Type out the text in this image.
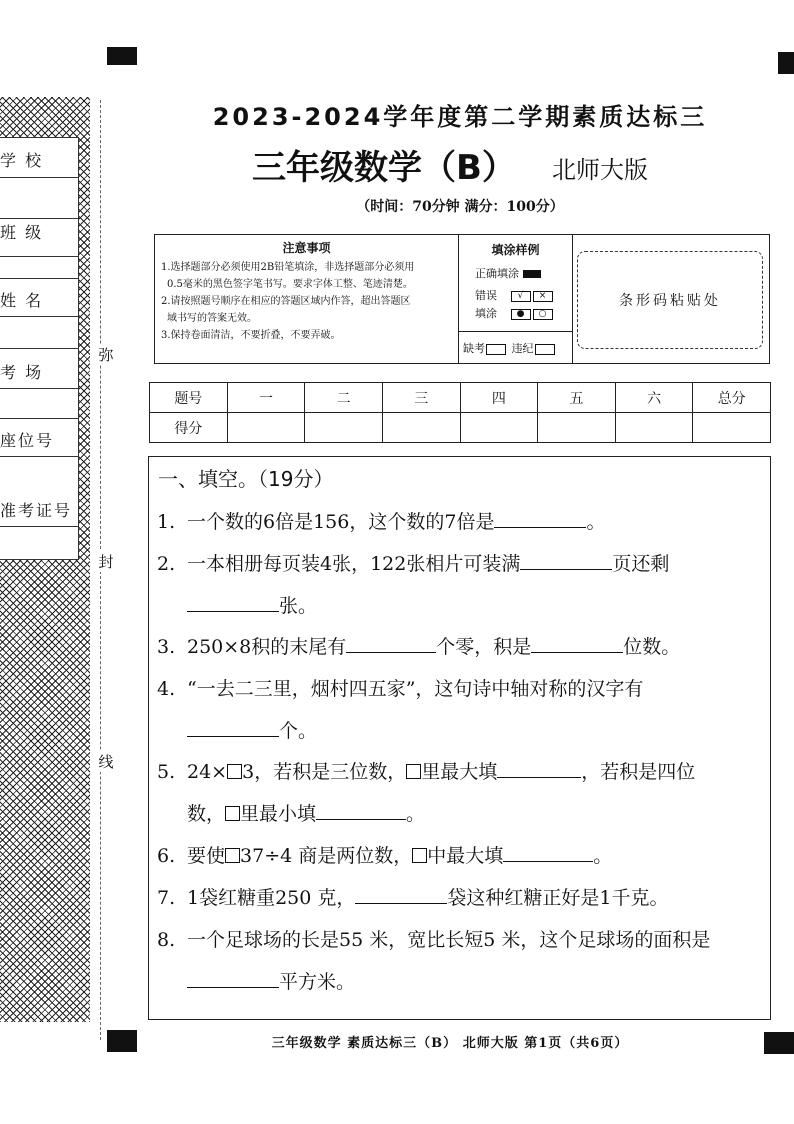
学 校
班 级
姓 名
考 场
座位号
准考证号
弥
封
线
2023-2024学年度第二学期素质达标三
三年级数学（B） 北师大版
（时间：70分钟 满分：100分）
注意事项
1.选择题部分必须使用2B铅笔填涂，非选择题部分必须用
0.5毫米的黑色签字笔书写。要求字体工整、笔迹清楚。
2.请按照题号顺序在相应的答题区域内作答，超出答题区
域书写的答案无效。
3.保持卷面清洁，不要折叠，不要弄破。
填涂样例
正确填涂
错误 √ ×
填涂 ● ○
缺考 违纪
条形码粘贴处
题号	一	二	三	四	五	六	总分
得分							
一、填空。（19分）
1. 一个数的6倍是156，这个数的7倍是	。
2. 一本相册每页装4张，122张相片可装满	页还剩
张。
3. 250×8积的末尾有	个零，积是	位数。
4. “一去二三里，烟村四五家”，这句诗中轴对称的汉字有
个。
5. 24× 3，若积是三位数， 里最大填	，若积是四位
数， 里最小填	。
6. 要使 37÷4 商是两位数， 中最大填	。
7. 1袋红糖重250 克，	袋这种红糖正好是1千克。
8. 一个足球场的长是55 米，宽比长短5 米，这个足球场的面积是
平方米。
三年级数学 素质达标三（B） 北师大版 第1页（共6页）
